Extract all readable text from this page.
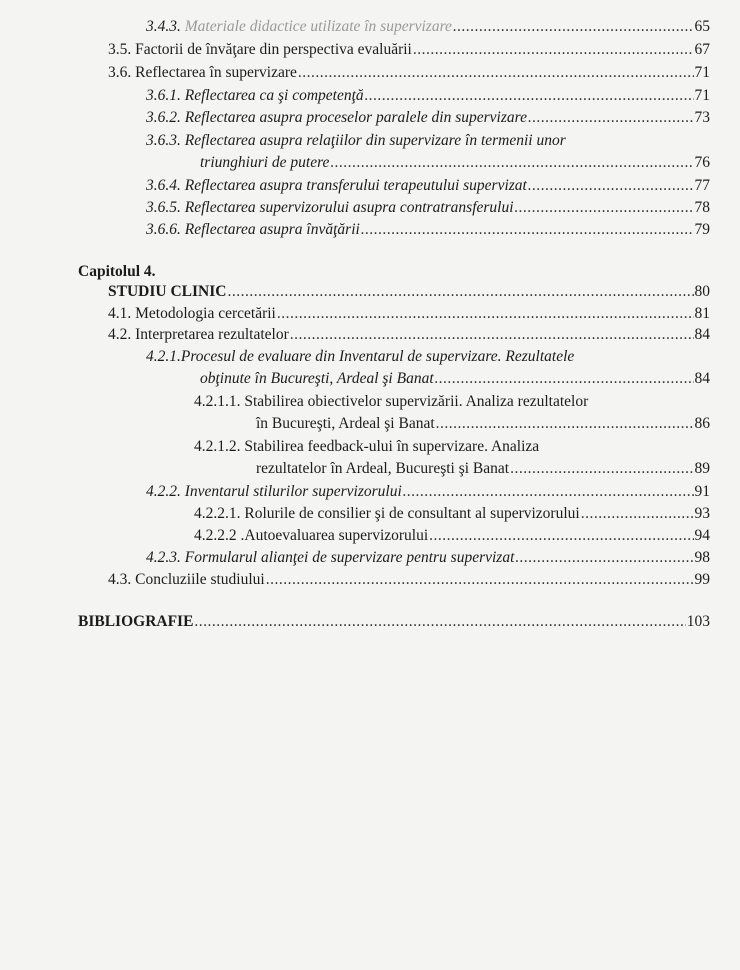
3.4.3. Materiale didactice utilizate în supervizare .....	65
3.5. Factorii de învăţare din perspectiva evaluării .....	67
3.6. Reflectarea în supervizare .....	71
3.6.1. Reflectarea ca şi competenţă .....	71
3.6.2. Reflectarea asupra proceselor paralele din supervizare .....	73
3.6.3. Reflectarea asupra relaţiilor din supervizare în termenii unor
triunghiuri de putere .....	76
3.6.4. Reflectarea asupra transferului terapeutului supervizat .....	77
3.6.5. Reflectarea supervizorului asupra contratransferului .....	78
3.6.6. Reflectarea asupra învăţării .....	79
Capitolul 4.
STUDIU CLINIC .....	80
4.1. Metodologia cercetării .....	81
4.2. Interpretarea rezultatelor .....	84
4.2.1.Procesul de evaluare din Inventarul de supervizare. Rezultatele
obţinute în Bucureşti, Ardeal şi Banat .....	84
4.2.1.1. Stabilirea obiectivelor supervizării. Analiza rezultatelor
în Bucureşti, Ardeal şi Banat .....	86
4.2.1.2. Stabilirea feedback-ului în supervizare. Analiza
rezultatelor în Ardeal, Bucureşti şi Banat .....	89
4.2.2. Inventarul stilurilor supervizorului .....	91
4.2.2.1. Rolurile de consilier şi de consultant al supervizorului .....	93
4.2.2.2 .Autoevaluarea supervizorului .....	94
4.2.3. Formularul alianţei de supervizare pentru supervizat .....	98
4.3. Concluziile studiului .....	99
BIBLIOGRAFIE .....	103
